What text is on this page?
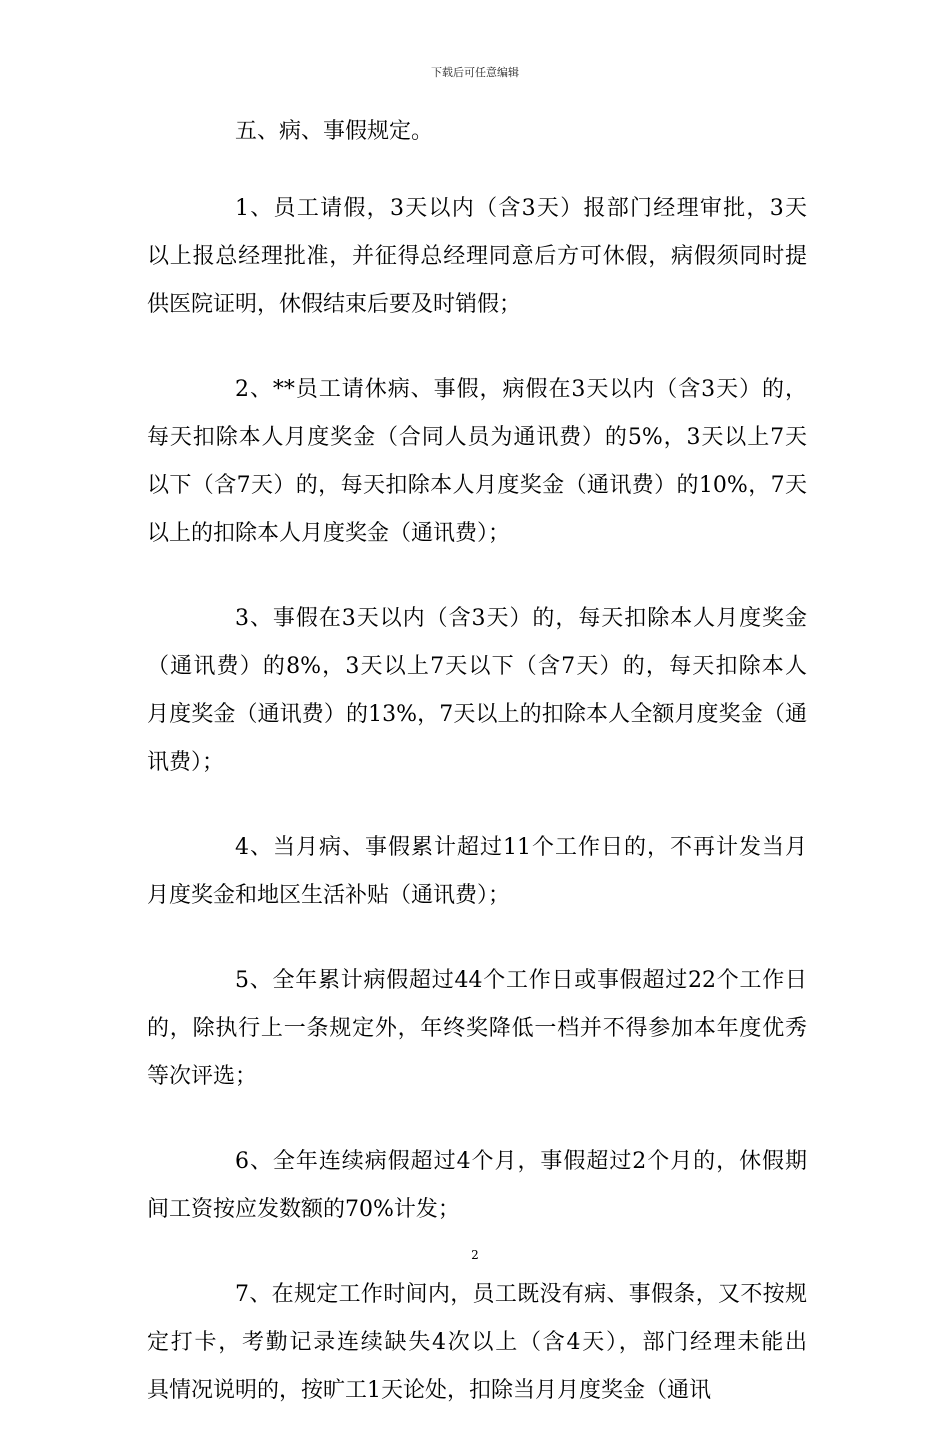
下载后可任意编辑
五、病、事假规定。
1、员工请假，3天以内（含3天）报部门经理审批，3天
以上报总经理批准，并征得总经理同意后方可休假，病假须同时提
供医院证明，休假结束后要及时销假；
2、**员工请休病、事假，病假在3天以内（含3天）的，
每天扣除本人月度奖金（合同人员为通讯费）的5%，3天以上7天
以下（含7天）的，每天扣除本人月度奖金（通讯费）的10%，7天
以上的扣除本人月度奖金（通讯费）；
3、事假在3天以内（含3天）的，每天扣除本人月度奖金
（通讯费）的8%，3天以上7天以下（含7天）的，每天扣除本人
月度奖金（通讯费）的13%，7天以上的扣除本人全额月度奖金（通
讯费）；
4、当月病、事假累计超过11个工作日的，不再计发当月
月度奖金和地区生活补贴（通讯费）；
5、全年累计病假超过44个工作日或事假超过22个工作日
的，除执行上一条规定外，年终奖降低一档并不得参加本年度优秀
等次评选；
6、全年连续病假超过4个月，事假超过2个月的，休假期
间工资按应发数额的70%计发；
7、在规定工作时间内，员工既没有病、事假条，又不按规
定打卡，考勤记录连续缺失4次以上（含4天），部门经理未能出
具情况说明的，按旷工1天论处，扣除当月月度奖金（通讯
2
